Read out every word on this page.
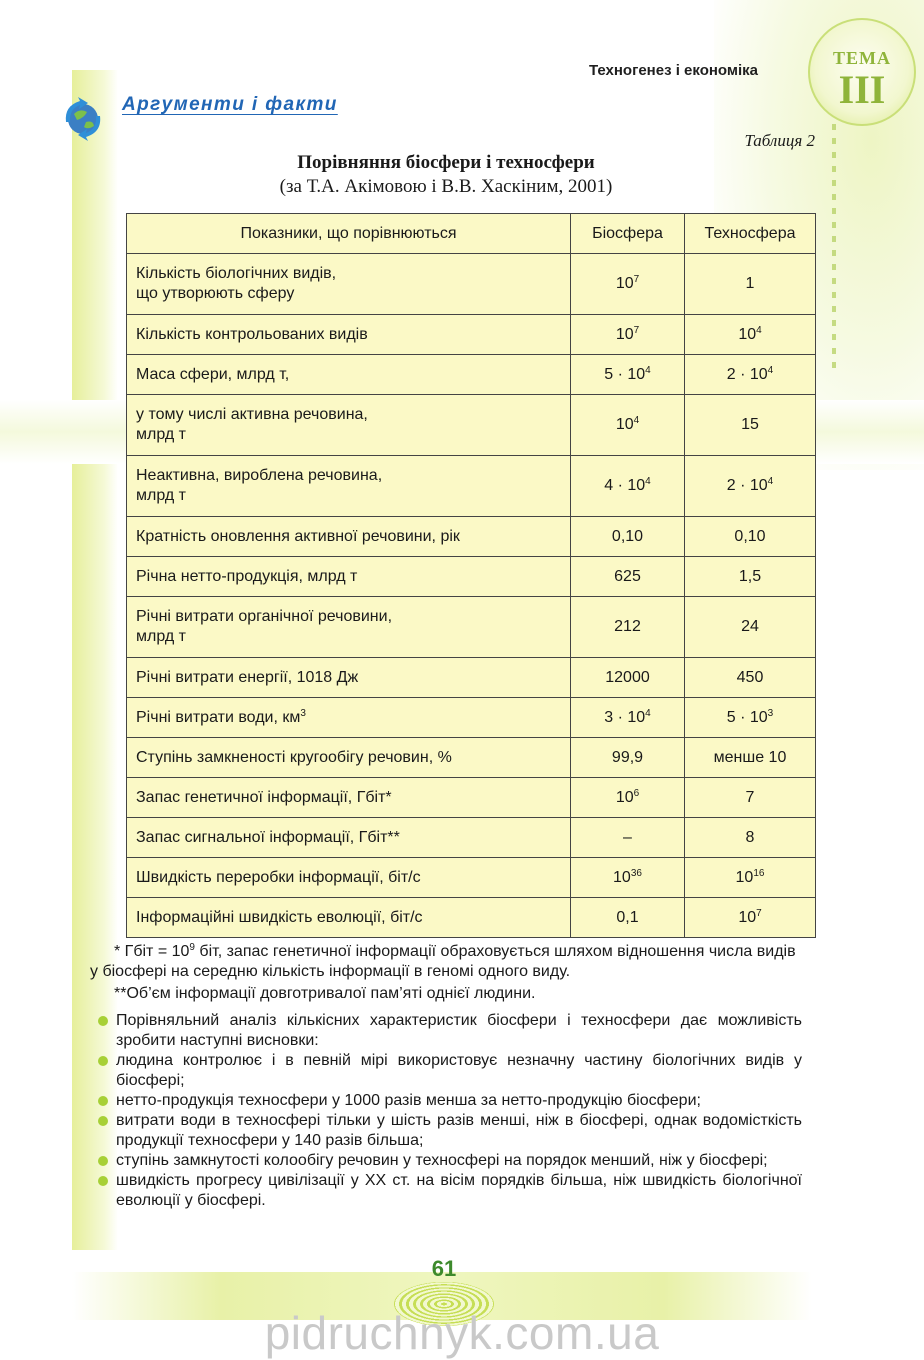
Техногенез і економіка
ТЕМА
III
Аргументи і факти
Таблиця 2
Порівняння біосфери і техносфери
(за Т.А. Акімовою і В.В. Хаскіним, 2001)
Показники, що порівнюються	Біосфера	Техносфера
Кількість біологічних видів,
що утворюють сферу	$10^7$	1
Кількість контрольованих видів	$10^7$	$10^4$
Маса сфери, млрд т,	$5 \cdot 10^4$	$2 \cdot 10^4$
у тому числі активна речовина,
млрд т	$10^4$	15
Неактивна, вироблена речовина,
млрд т	$4 \cdot 10^4$	$2 \cdot 10^4$
Кратність оновлення активної речовини, рік	0,10	0,10
Річна нетто-продукція, млрд т	625	1,5
Річні витрати органічної речовини,
млрд т	212	24
Річні витрати енергії, 1018 Дж	12000	450
Річні витрати води, $км^3$	$3 \cdot 10^4$	$5 \cdot 10^3$
Ступінь замкненості кругообігу речовин, %	99,9	менше 10
Запас генетичної інформації, Гбіт*	$10^6$	7
Запас сигнальної інформації, Гбіт**	–	8
Швидкість переробки інформації, біт/с	$10^{36}$	$10^{16}$
Інформаційні швидкість еволюції, біт/с	0,1	$10^7$
* Гбіт = $10^9$ біт, запас генетичної інформації обраховується шляхом відношення числа видів у біосфері на середню кількість інформації в геномі одного виду.
**Об’єм інформації довготривалої пам’яті однієї людини.
Порівняльний аналіз кількісних характеристик біосфери і техносфери дає можливість зробити наступні висновки:
людина контролює і в певній мірі використовує незначну частину біологічних видів у біосфері;
нетто-продукція техносфери у 1000 разів менша за нетто-продукцію біосфери;
витрати води в техносфері тільки у шість разів менші, ніж в біосфері, однак водомісткість продукції техносфери у 140 разів більша;
ступінь замкнутості колообігу речовин у техносфері на порядок менший, ніж у біосфері;
швидкість прогресу цивілізації у ХХ ст. на вісім порядків більша, ніж швидкість біологічної еволюції у біосфері.
61
pidruchnyk.com.ua
